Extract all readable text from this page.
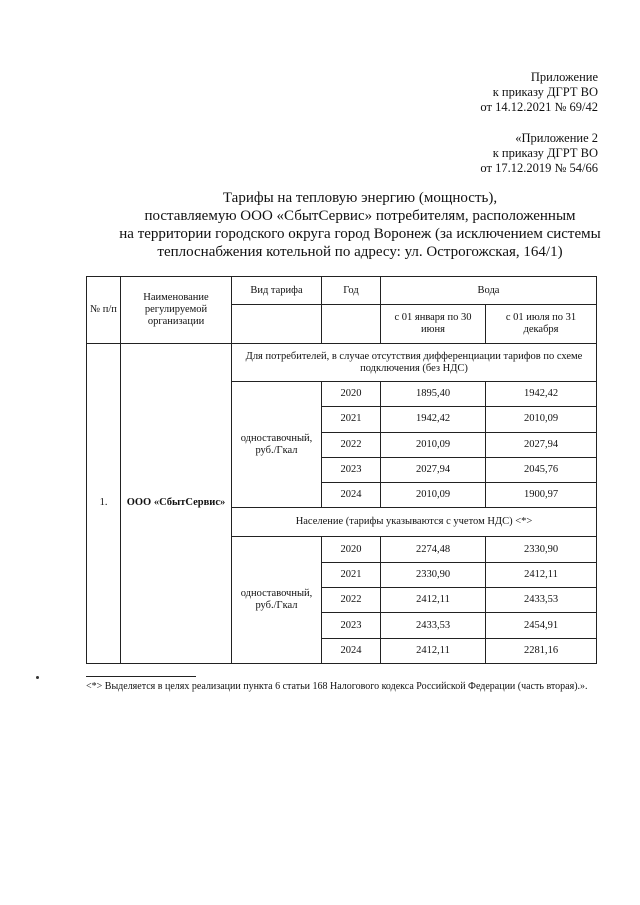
Приложение
к приказу ДГРТ ВО
от 14.12.2021 № 69/42
«Приложение 2
к приказу ДГРТ ВО
от 17.12.2019 № 54/66
Тарифы на тепловую энергию (мощность),
поставляемую ООО «СбытСервис» потребителям, расположенным
на территории городского округа город Воронеж (за исключением системы
теплоснабжения котельной по адресу: ул. Острогожская, 164/1)
№ п/п	Наименование регулируемой организации	Вид тарифа	Год	Вода	
				с 01 января по 30 июня	с 01 июля по 31 декабря
1.	ООО «СбытСервис»	Для потребителей, в случае отсутствия дифференциации тарифов по схеме подключения (без НДС)			
		одноставочный, руб./Гкал	2020	1895,40	1942,42
			2021	1942,42	2010,09
			2022	2010,09	2027,94
			2023	2027,94	2045,76
			2024	2010,09	1900,97
		Население (тарифы указываются с учетом НДС) <*>			
		одноставочный, руб./Гкал	2020	2274,48	2330,90
			2021	2330,90	2412,11
			2022	2412,11	2433,53
			2023	2433,53	2454,91
			2024	2412,11	2281,16
<*> Выделяется в целях реализации пункта 6 статьи 168 Налогового кодекса Российской Федерации (часть вторая).».
